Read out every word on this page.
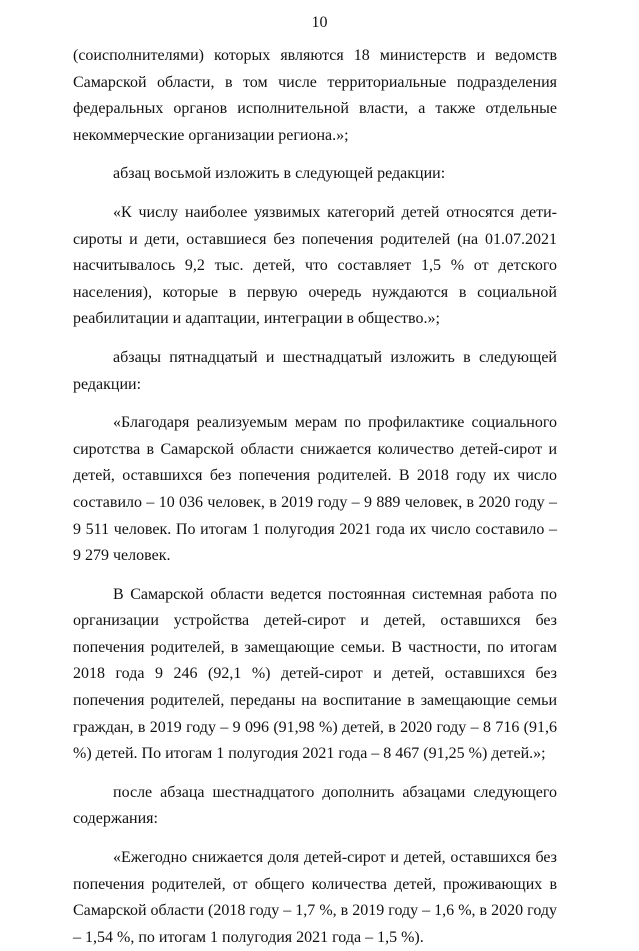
10

(соисполнителями) которых являются 18 министерств и ведомств Самарской области, в том числе территориальные подразделения федеральных органов исполнительной власти, а также отдельные некоммерческие организации региона.»;

абзац восьмой изложить в следующей редакции:

«К числу наиболее уязвимых категорий детей относятся дети-сироты и дети, оставшиеся без попечения родителей (на 01.07.2021 насчитывалось 9,2 тыс. детей, что составляет 1,5 % от детского населения), которые в первую очередь нуждаются в социальной реабилитации и адаптации, интеграции в общество.»;

абзацы пятнадцатый и шестнадцатый изложить в следующей редакции:

«Благодаря реализуемым мерам по профилактике социального сиротства в Самарской области снижается количество детей-сирот и детей, оставшихся без попечения родителей. В 2018 году их число составило – 10 036 человек, в 2019 году – 9 889 человек, в 2020 году – 9 511 человек. По итогам 1 полугодия 2021 года их число составило – 9 279 человек.

В Самарской области ведется постоянная системная работа по организации устройства детей-сирот и детей, оставшихся без попечения родителей, в замещающие семьи. В частности, по итогам 2018 года 9 246 (92,1 %) детей-сирот и детей, оставшихся без попечения родителей, переданы на воспитание в замещающие семьи граждан, в 2019 году – 9 096 (91,98 %) детей, в 2020 году – 8 716 (91,6 %) детей. По итогам 1 полугодия 2021 года – 8 467 (91,25 %) детей.»;

после абзаца шестнадцатого дополнить абзацами следующего содержания:

«Ежегодно снижается доля детей-сирот и детей, оставшихся без попечения родителей, от общего количества детей, проживающих в Самарской области (2018 году – 1,7 %, в 2019 году – 1,6 %, в 2020 году – 1,54 %, по итогам 1 полугодия 2021 года – 1,5 %).
